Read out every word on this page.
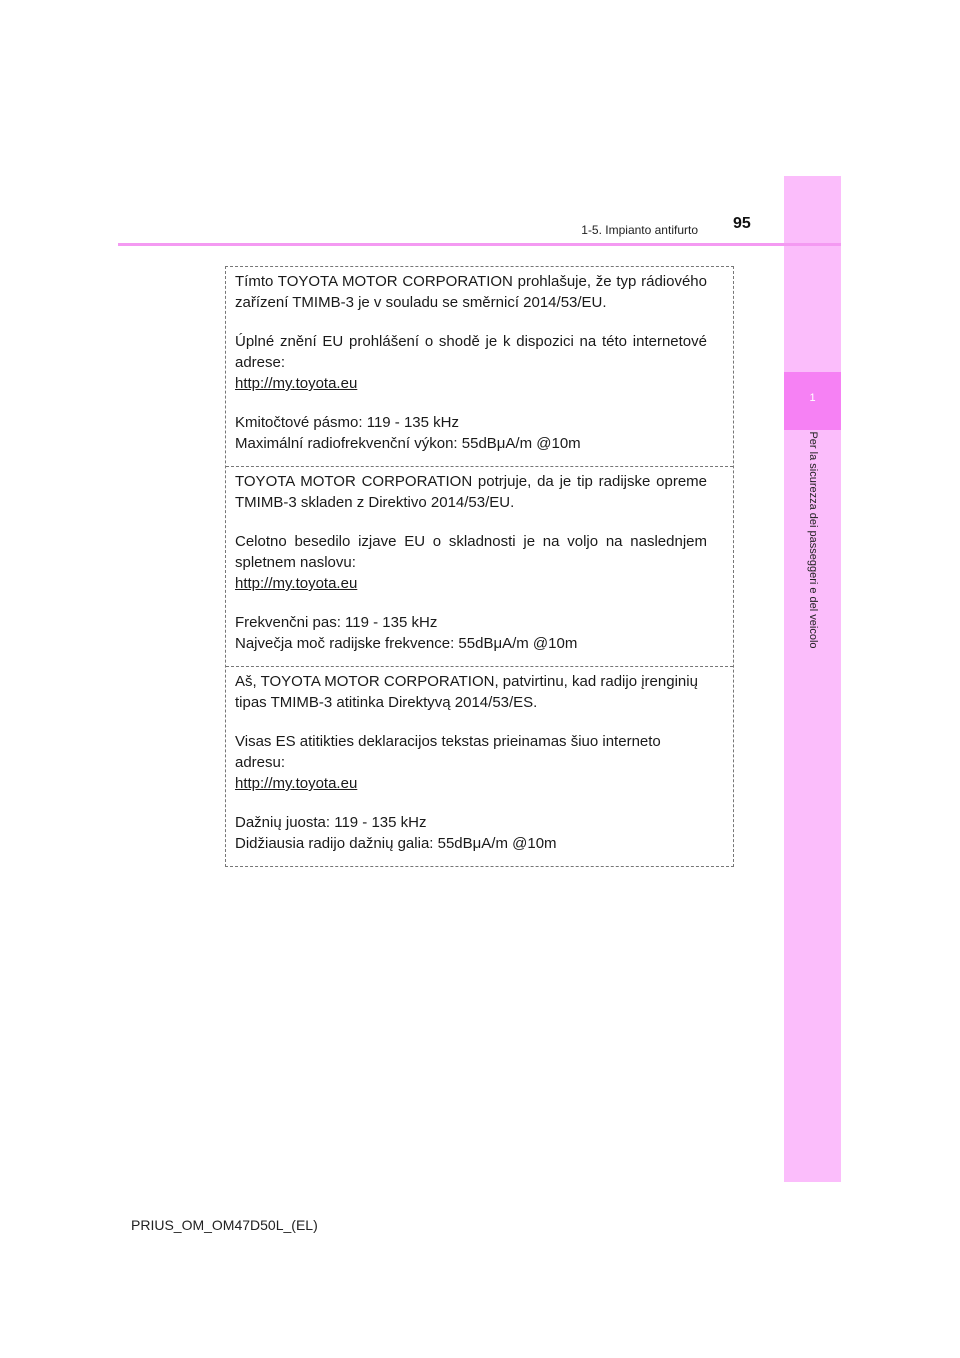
1
Per la sicurezza dei passeggeri e del veicolo
1-5. Impianto antifurto 95

Tímto TOYOTA MOTOR CORPORATION prohlašuje, že typ rádiového zařízení TMIMB-3 je v souladu se směrnicí 2014/53/EU.

Úplné znění EU prohlášení o shodě je k dispozici na této internetové adrese:

http://my.toyota.eu

Kmitočtové pásmo: 119 - 135 kHz

Maximální radiofrekvenční výkon: 55dBμA/m @10m

TOYOTA MOTOR CORPORATION potrjuje, da je tip radijske opreme TMIMB-3 skladen z Direktivo 2014/53/EU.

Celotno besedilo izjave EU o skladnosti je na voljo na naslednjem spletnem naslovu:

http://my.toyota.eu

Frekvenčni pas: 119 - 135 kHz

Največja moč radijske frekvence: 55dBμA/m @10m

Aš, TOYOTA MOTOR CORPORATION, patvirtinu, kad radijo įrenginių tipas TMIMB-3 atitinka Direktyvą 2014/53/ES.

Visas ES atitikties deklaracijos tekstas prieinamas šiuo interneto adresu:

http://my.toyota.eu

Dažnių juosta: 119 - 135 kHz

Didžiausia radijo dažnių galia: 55dBμA/m @10m

PRIUS_OM_OM47D50L_(EL)
